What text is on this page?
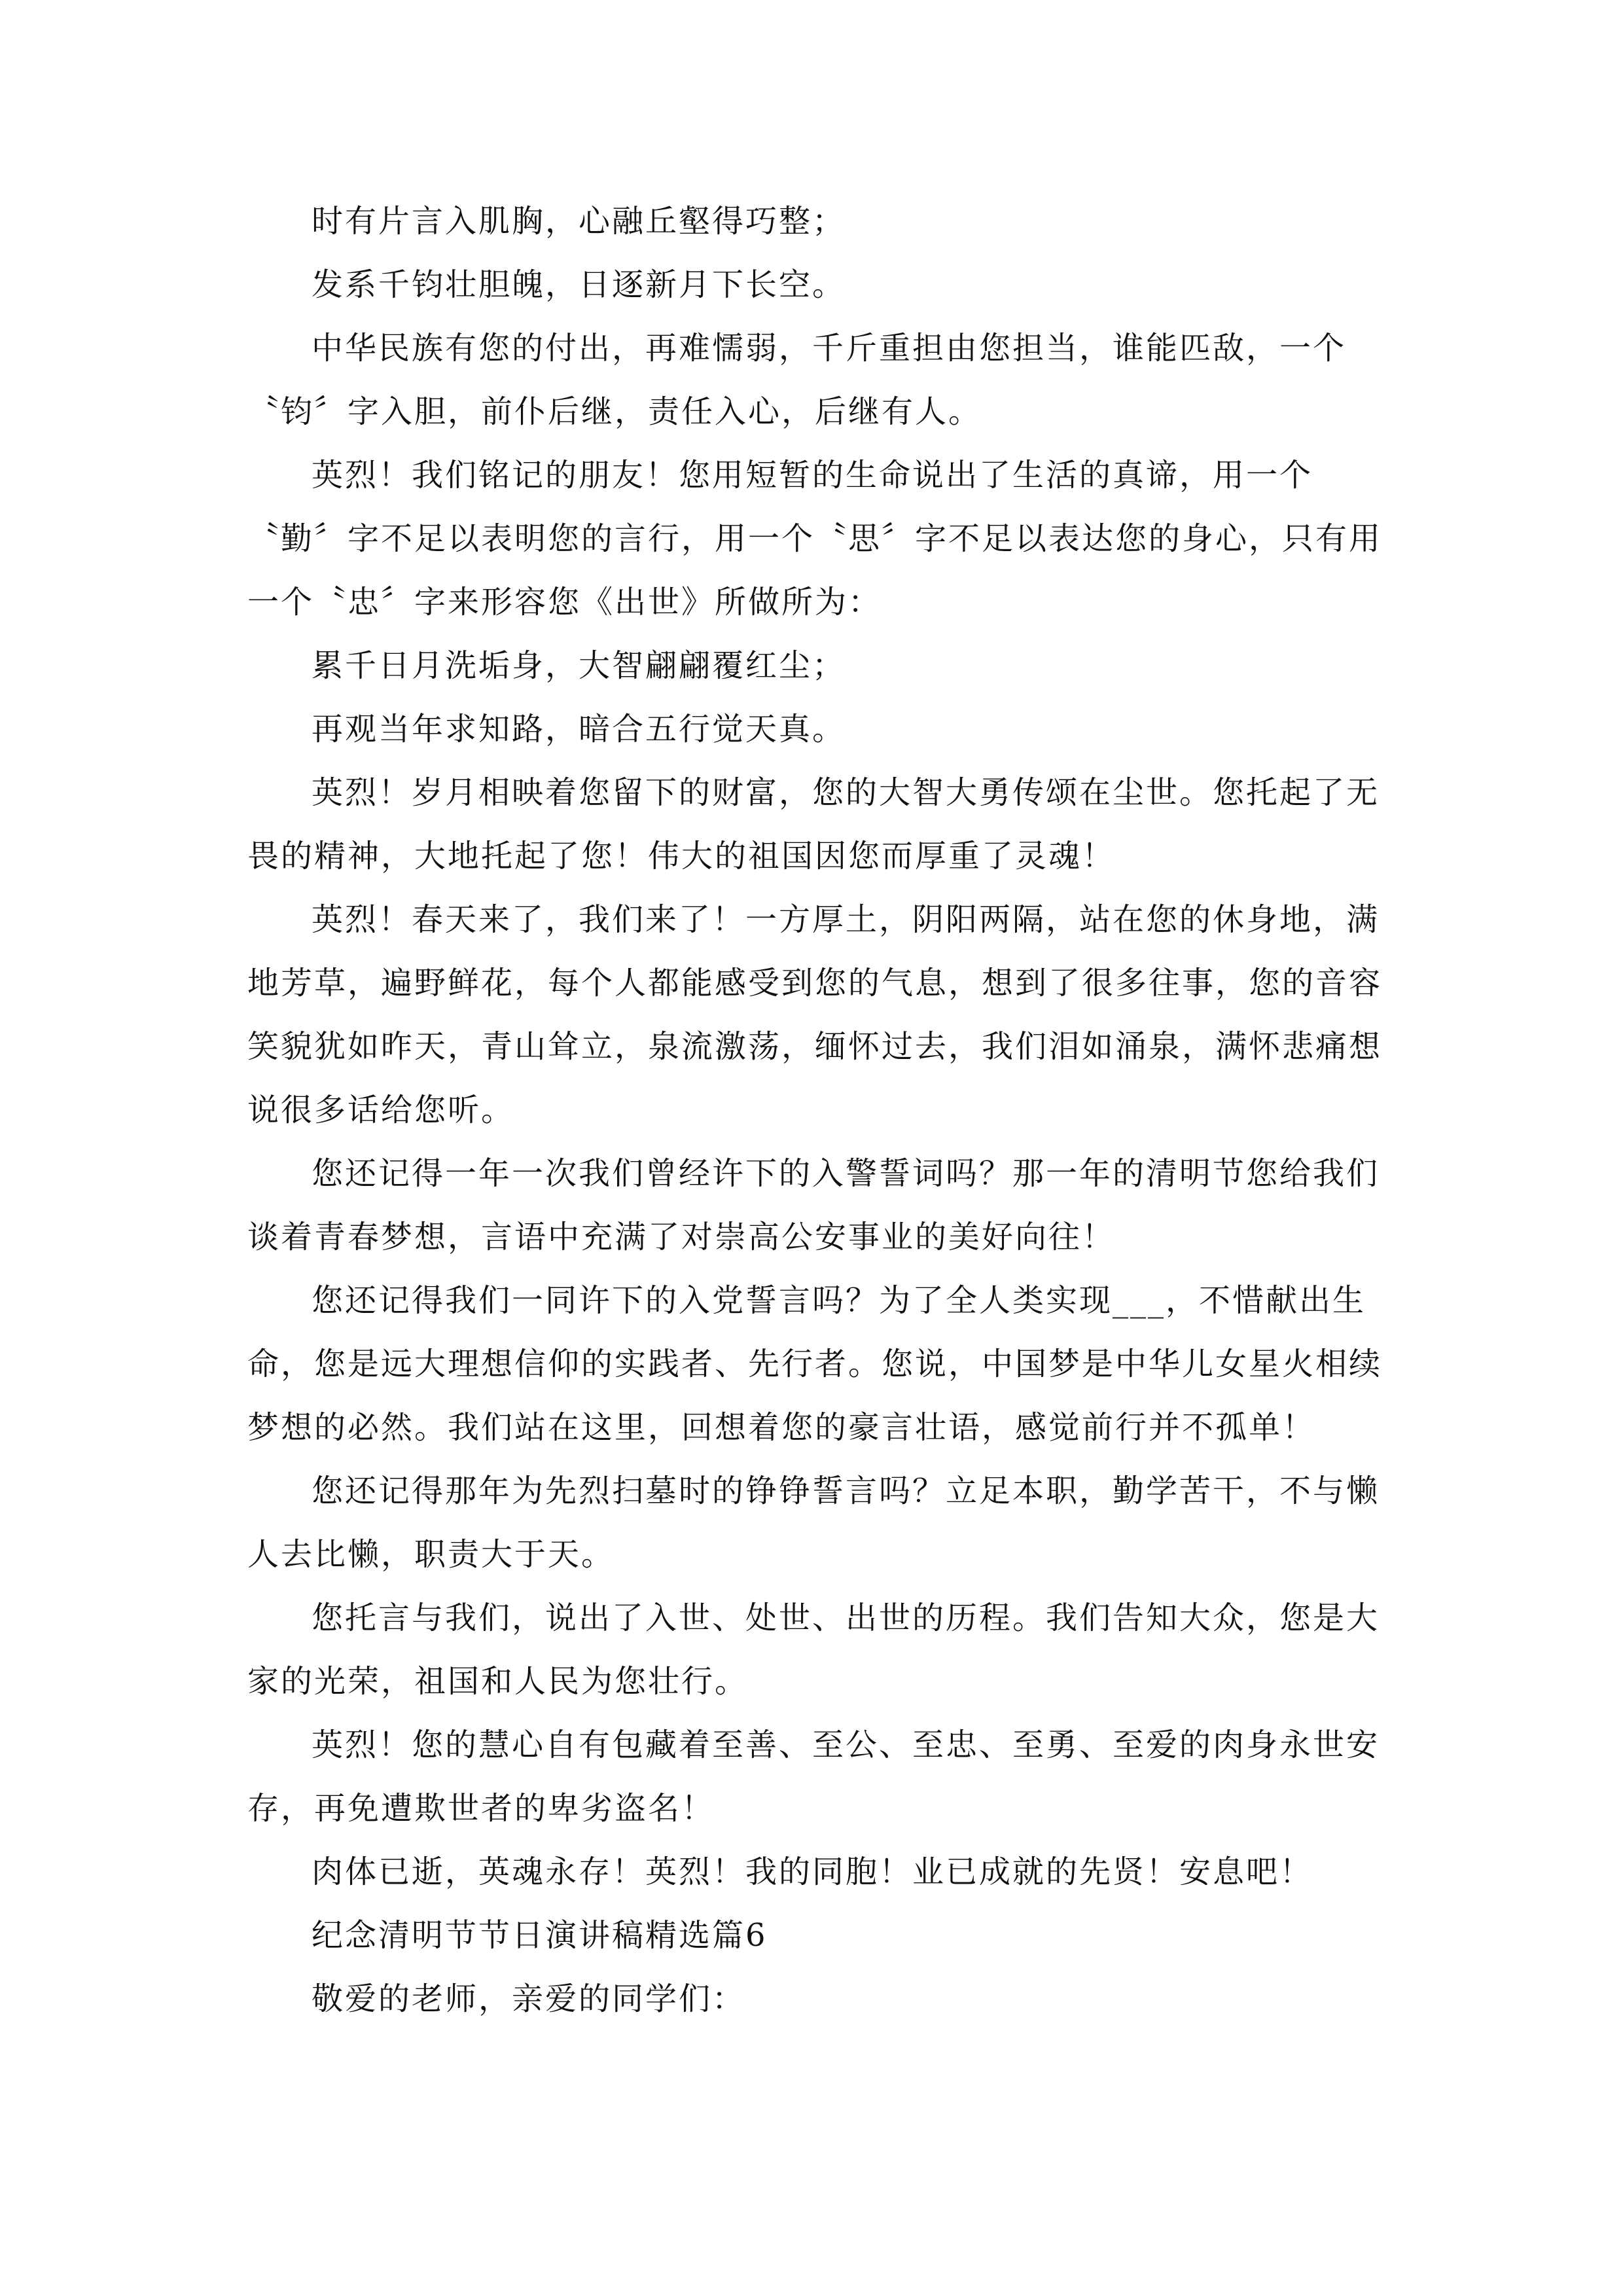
时有片言入肌胸，心融丘壑得巧整；

发系千钧壮胆魄，日逐新月下长空。

中华民族有您的付出，再难懦弱，千斤重担由您担当，谁能匹敌，一个〝钧〞字入胆，前仆后继，责任入心，后继有人。

英烈！我们铭记的朋友！您用短暂的生命说出了生活的真谛，用一个〝勤〞字不足以表明您的言行，用一个〝思〞字不足以表达您的身心，只有用一个〝忠〞字来形容您《出世》所做所为：

累千日月洗垢身，大智翩翩覆红尘；

再观当年求知路，暗合五行觉天真。

英烈！岁月相映着您留下的财富，您的大智大勇传颂在尘世。您托起了无畏的精神，大地托起了您！伟大的祖国因您而厚重了灵魂！

英烈！春天来了，我们来了！一方厚土，阴阳两隔，站在您的休身地，满地芳草，遍野鲜花，每个人都能感受到您的气息，想到了很多往事，您的音容笑貌犹如昨天，青山耸立，泉流激荡，缅怀过去，我们泪如涌泉，满怀悲痛想说很多话给您听。

您还记得一年一次我们曾经许下的入警誓词吗？那一年的清明节您给我们谈着青春梦想，言语中充满了对崇高公安事业的美好向往！

您还记得我们一同许下的入党誓言吗？为了全人类实现___，不惜献出生命，您是远大理想信仰的实践者、先行者。您说，中国梦是中华儿女星火相续梦想的必然。我们站在这里，回想着您的豪言壮语，感觉前行并不孤单！

您还记得那年为先烈扫墓时的铮铮誓言吗？立足本职，勤学苦干，不与懒人去比懒，职责大于天。

您托言与我们，说出了入世、处世、出世的历程。我们告知大众，您是大家的光荣，祖国和人民为您壮行。

英烈！您的慧心自有包藏着至善、至公、至忠、至勇、至爱的肉身永世安存，再免遭欺世者的卑劣盗名！

肉体已逝，英魂永存！英烈！我的同胞！业已成就的先贤！安息吧！

纪念清明节节日演讲稿精选篇6

敬爱的老师，亲爱的同学们：
